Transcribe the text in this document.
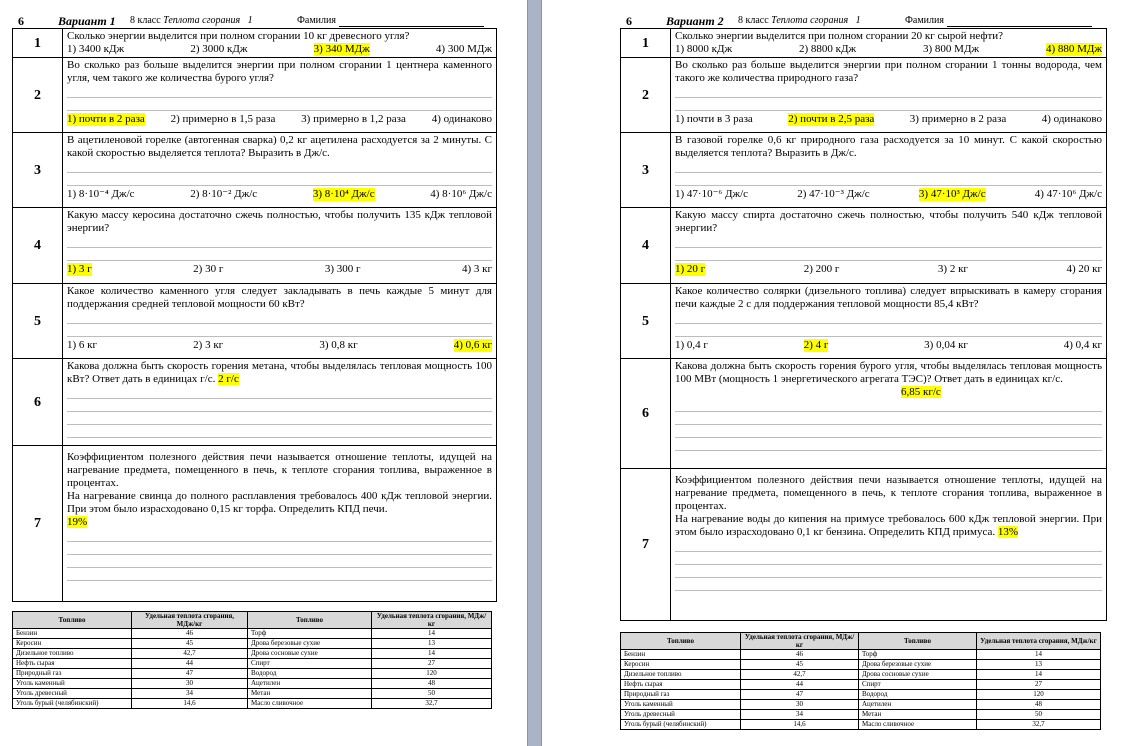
6	Вариант 1 8 класс Теплота сгорания 1	Фамилия
1	Сколько энергии выделится при полном сгорании 10 кг древесного угля?
1) 3400 кДж 2) 3000 кДж 3) 340 МДж 4) 300 МДж

2	Во сколько раз больше выделится энергии при полном сгорании 1 центнера каменного угля, чем такого же количества бурого угля?
1) почти в 2 раза 2) примерно в 1,5 раза 3) примерно в 1,2 раза 4) одинаково

3	В ацетиленовой горелке (автогенная сварка) 0,2 кг ацетилена расходуется за 2 минуты. С какой скоростью выделяется теплота? Выразить в Дж/с.
1) 8·10⁻⁴ Дж/с 2) 8·10⁻² Дж/с 3) 8·10⁴ Дж/с 4) 8·10⁶ Дж/с

4	Какую массу керосина достаточно сжечь полностью, чтобы получить 135 кДж тепловой энергии?
1) 3 г 2) 30 г 3) 300 г 4) 3 кг

5	Какое количество каменного угля следует закладывать в печь каждые 5 минут для поддержания средней тепловой мощности 60 кВт?
1) 6 кг 2) 3 кг 3) 0,8 кг 4) 0,6 кг

6	Какова должна быть скорость горения метана, чтобы выделялась тепловая мощность 100 кВт? Ответ дать в единицах г/с. 2 г/с

7	Коэффициентом полезного действия печи называется отношение теплоты, идущей на нагревание предмета, помещенного в печь, к теплоте сгорания топлива, выраженное в процентах.
На нагревание свинца до полного расплавления требовалось 400 кДж тепловой энергии. При этом было израсходовано 0,15 кг торфа. Определить КПД печи.
19%
Топливо	Удельная теплота сгорания, МДж/кг	Топливо	Удельная теплота сгорания, МДж/кг
Бензин	46	Торф	14
Керосин	45	Дрова березовые сухие	13
Дизельное топливо	42,7	Дрова сосновые сухие	14
Нефть сырая	44	Спирт	27
Природный газ	47	Водород	120
Уголь каменный	30	Ацетилен	48
Уголь древесный	34	Метан	50
Уголь бурый (челябинский)	14,6	Масло сливочное	32,7
6	Вариант 2 8 класс Теплота сгорания 1	Фамилия
1	Сколько энергии выделится при полном сгорании 20 кг сырой нефти?
1) 8000 кДж 2) 8800 кДж 3) 800 МДж 4) 880 МДж

2	Во сколько раз больше выделится энергии при полном сгорании 1 тонны водорода, чем такого же количества природного газа?
1) почти в 3 раза 2) почти в 2,5 раза 3) примерно в 2 раза 4) одинаково

3	В газовой горелке 0,6 кг природного газа расходуется за 10 минут. С какой скоростью выделяется теплота? Выразить в Дж/с.
1) 47·10⁻⁶ Дж/с 2) 47·10⁻³ Дж/с 3) 47·10³ Дж/с 4) 47·10⁶ Дж/с

4	Какую массу спирта достаточно сжечь полностью, чтобы получить 540 кДж тепловой энергии?
1) 20 г 2) 200 г 3) 2 кг 4) 20 кг

5	Какое количество солярки (дизельного топлива) следует впрыскивать в камеру сгорания печи каждые 2 с для поддержания тепловой мощности 85,4 кВт?
1) 0,4 г 2) 4 г 3) 0,04 кг 4) 0,4 кг

6	Какова должна быть скорость горения бурого угля, чтобы выделялась тепловая мощность 100 МВт (мощность 1 энергетического агрегата ТЭС)? Ответ дать в единицах кг/с.
6,85 кг/с

7	Коэффициентом полезного действия печи называется отношение теплоты, идущей на нагревание предмета, помещенного в печь, к теплоте сгорания топлива, выраженное в процентах.
На нагревание воды до кипения на примусе требовалось 600 кДж тепловой энергии. При этом было израсходовано 0,1 кг бензина. Определить КПД примуса. 13%
Топливо	Удельная теплота сгорания, МДж/кг	Топливо	Удельная теплота сгорания, МДж/кг
Бензин	46	Торф	14
Керосин	45	Дрова березовые сухие	13
Дизельное топливо	42,7	Дрова сосновые сухие	14
Нефть сырая	44	Спирт	27
Природный газ	47	Водород	120
Уголь каменный	30	Ацетилен	48
Уголь древесный	34	Метан	50
Уголь бурый (челябинский)	14,6	Масло сливочное	32,7
